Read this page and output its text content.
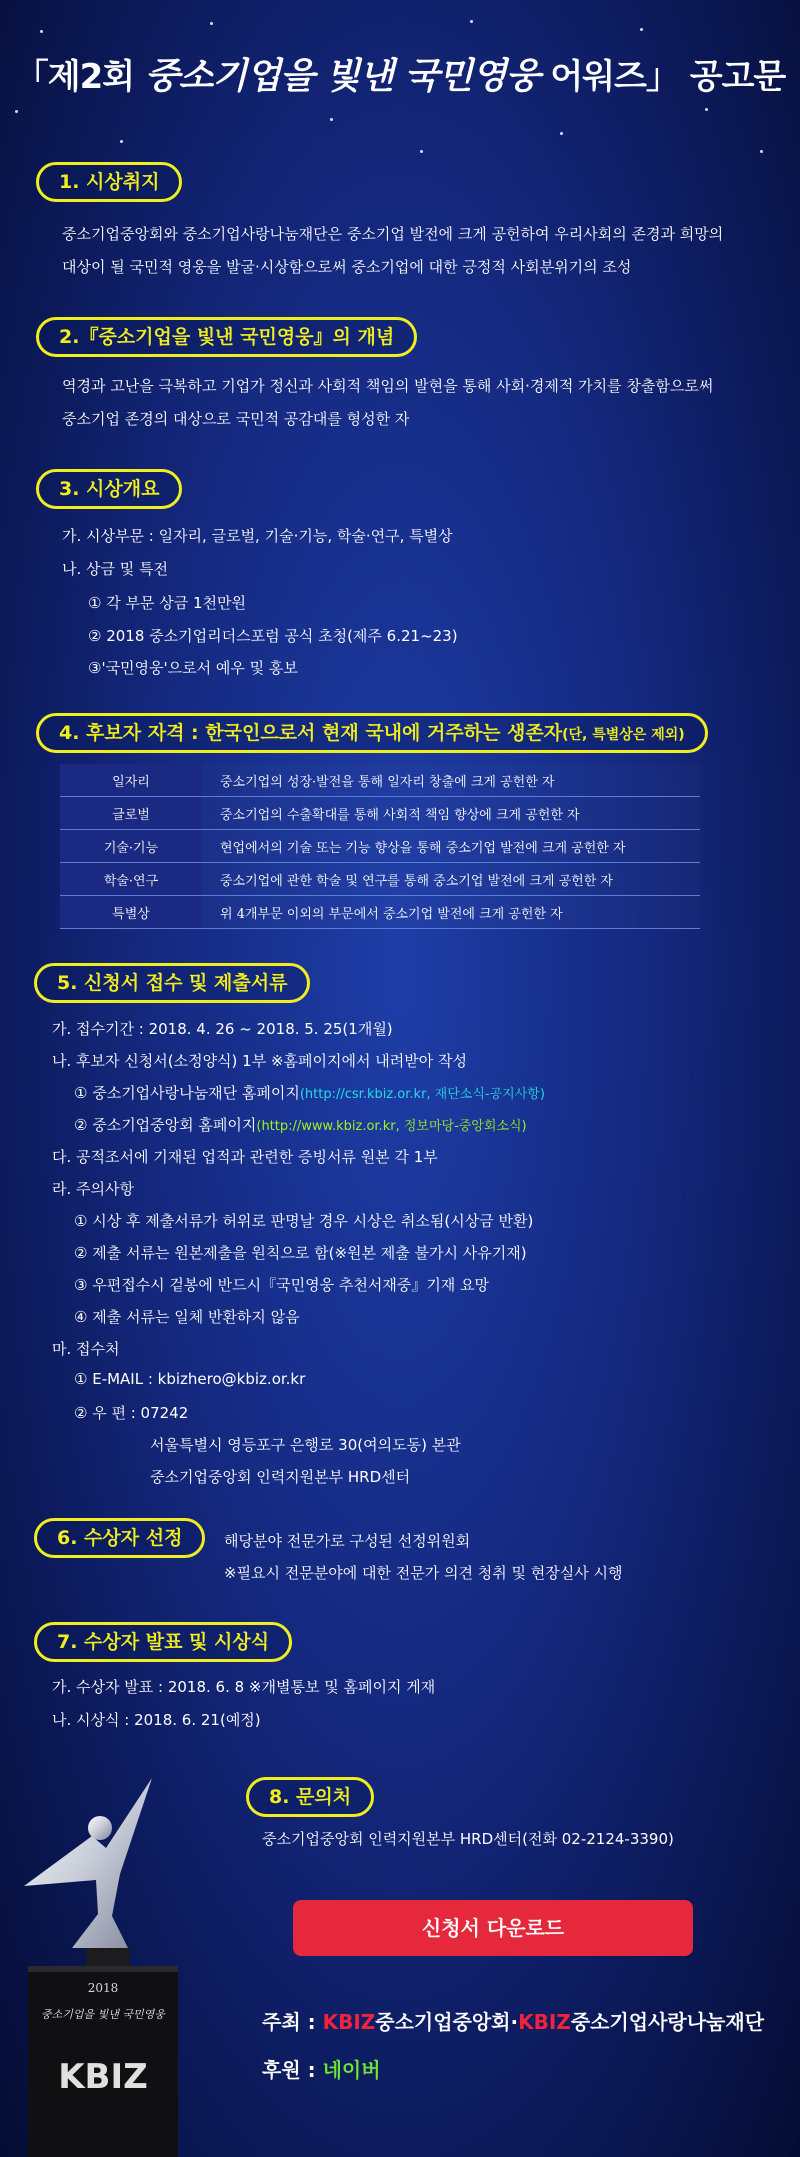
「제2회 중소기업을 빛낸 국민영웅 어워즈」 공고문
1. 시상취지
중소기업중앙회와 중소기업사랑나눔재단은 중소기업 발전에 크게 공헌하여 우리사회의 존경과 희망의
대상이 될 국민적 영웅을 발굴·시상함으로써 중소기업에 대한 긍정적 사회분위기의 조성
2.『중소기업을 빛낸 국민영웅』의 개념
역경과 고난을 극복하고 기업가 정신과 사회적 책임의 발현을 통해 사회·경제적 가치를 창출함으로써
중소기업 존경의 대상으로 국민적 공감대를 형성한 자
3. 시상개요
가. 시상부문 : 일자리, 글로벌, 기술·기능, 학술·연구, 특별상
나. 상금 및 특전
① 각 부문 상금 1천만원
② 2018 중소기업리더스포럼 공식 초청(제주 6.21~23)
③'국민영웅'으로서 예우 및 홍보
4. 후보자 자격 : 한국인으로서 현재 국내에 거주하는 생존자(단, 특별상은 제외)
일자리	중소기업의 성장·발전을 통해 일자리 창출에 크게 공헌한 자
글로벌	중소기업의 수출확대를 통해 사회적 책임 향상에 크게 공헌한 자
기술·기능	현업에서의 기술 또는 기능 향상을 통해 중소기업 발전에 크게 공헌한 자
학술·연구	중소기업에 관한 학술 및 연구를 통해 중소기업 발전에 크게 공헌한 자
특별상	위 4개부문 이외의 부문에서 중소기업 발전에 크게 공헌한 자
5. 신청서 접수 및 제출서류
가. 접수기간 : 2018. 4. 26 ~ 2018. 5. 25(1개월)
나. 후보자 신청서(소정양식) 1부 ※홈페이지에서 내려받아 작성
① 중소기업사랑나눔재단 홈페이지(http://csr.kbiz.or.kr, 재단소식-공지사항)
② 중소기업중앙회 홈페이지(http://www.kbiz.or.kr, 정보마당-중앙회소식)
다. 공적조서에 기재된 업적과 관련한 증빙서류 원본 각 1부
라. 주의사항
① 시상 후 제출서류가 허위로 판명날 경우 시상은 취소됨(시상금 반환)
② 제출 서류는 원본제출을 원칙으로 함(※원본 제출 불가시 사유기재)
③ 우편접수시 겉봉에 반드시『국민영웅 추천서재중』기재 요망
④ 제출 서류는 일체 반환하지 않음
마. 접수처
① E-MAIL : kbizhero@kbiz.or.kr
② 우 편 : 07242
서울특별시 영등포구 은행로 30(여의도동) 본관
중소기업중앙회 인력지원본부 HRD센터
6. 수상자 선정	해당분야 전문가로 구성된 선정위원회
※필요시 전문분야에 대한 전문가 의견 청취 및 현장실사 시행
7. 수상자 발표 및 시상식
가. 수상자 발표 : 2018. 6. 8 ※개별통보 및 홈페이지 게재
나. 시상식 : 2018. 6. 21(예정)
8. 문의처
중소기업중앙회 인력지원본부 HRD센터(전화 02-2124-3390)
2018
중소기업을 빛낸 국민영웅
KBIZ
신청서 다운로드
주최 : KBIZ중소기업중앙회·KBIZ중소기업사랑나눔재단
후원 : 네이버
